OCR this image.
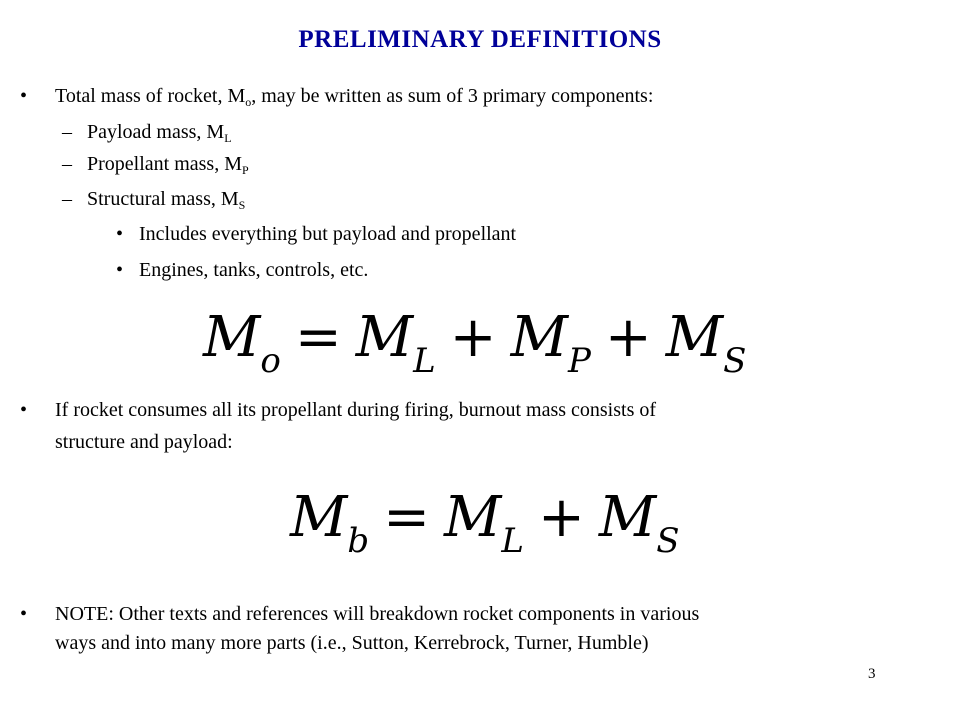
PRELIMINARY DEFINITIONS
• Total mass of rocket, $M_o$, may be written as sum of 3 primary components:
– Payload mass, $M_L$
– Propellant mass, $M_P$
– Structural mass, $M_S$
• Includes everything but payload and propellant
• Engines, tanks, controls, etc.
$M_o = M_L + M_P + M_S$
• If rocket consumes all its propellant during firing, burnout mass consists of
structure and payload:
$M_b = M_L + M_S$
• NOTE: Other texts and references will breakdown rocket components in various
ways and into many more parts (i.e., Sutton, Kerrebrock, Turner, Humble)
3
